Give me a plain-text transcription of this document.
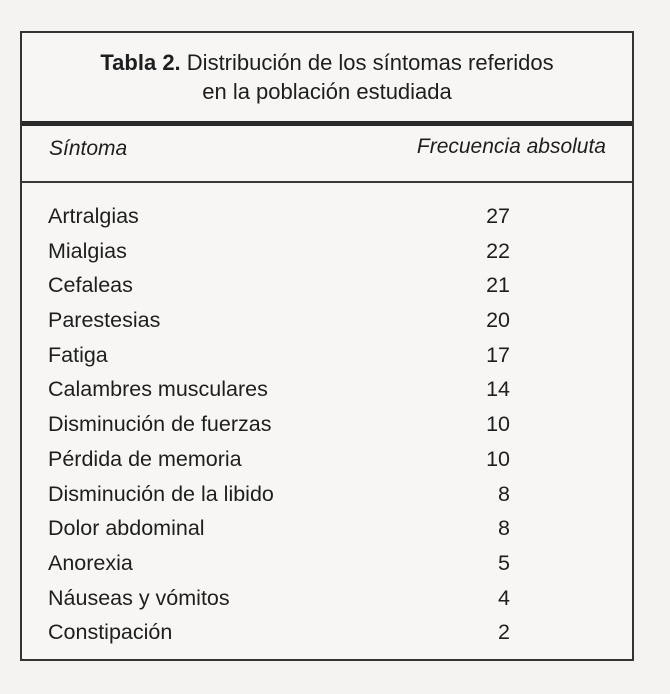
Tabla 2. Distribución de los síntomas referidos
en la población estudiada
Síntoma	Frecuencia absoluta
Artralgias	27
Mialgias	22
Cefaleas	21
Parestesias	20
Fatiga	17
Calambres musculares	14
Disminución de fuerzas	10
Pérdida de memoria	10
Disminución de la libido	8
Dolor abdominal	8
Anorexia	5
Náuseas y vómitos	4
Constipación	2
